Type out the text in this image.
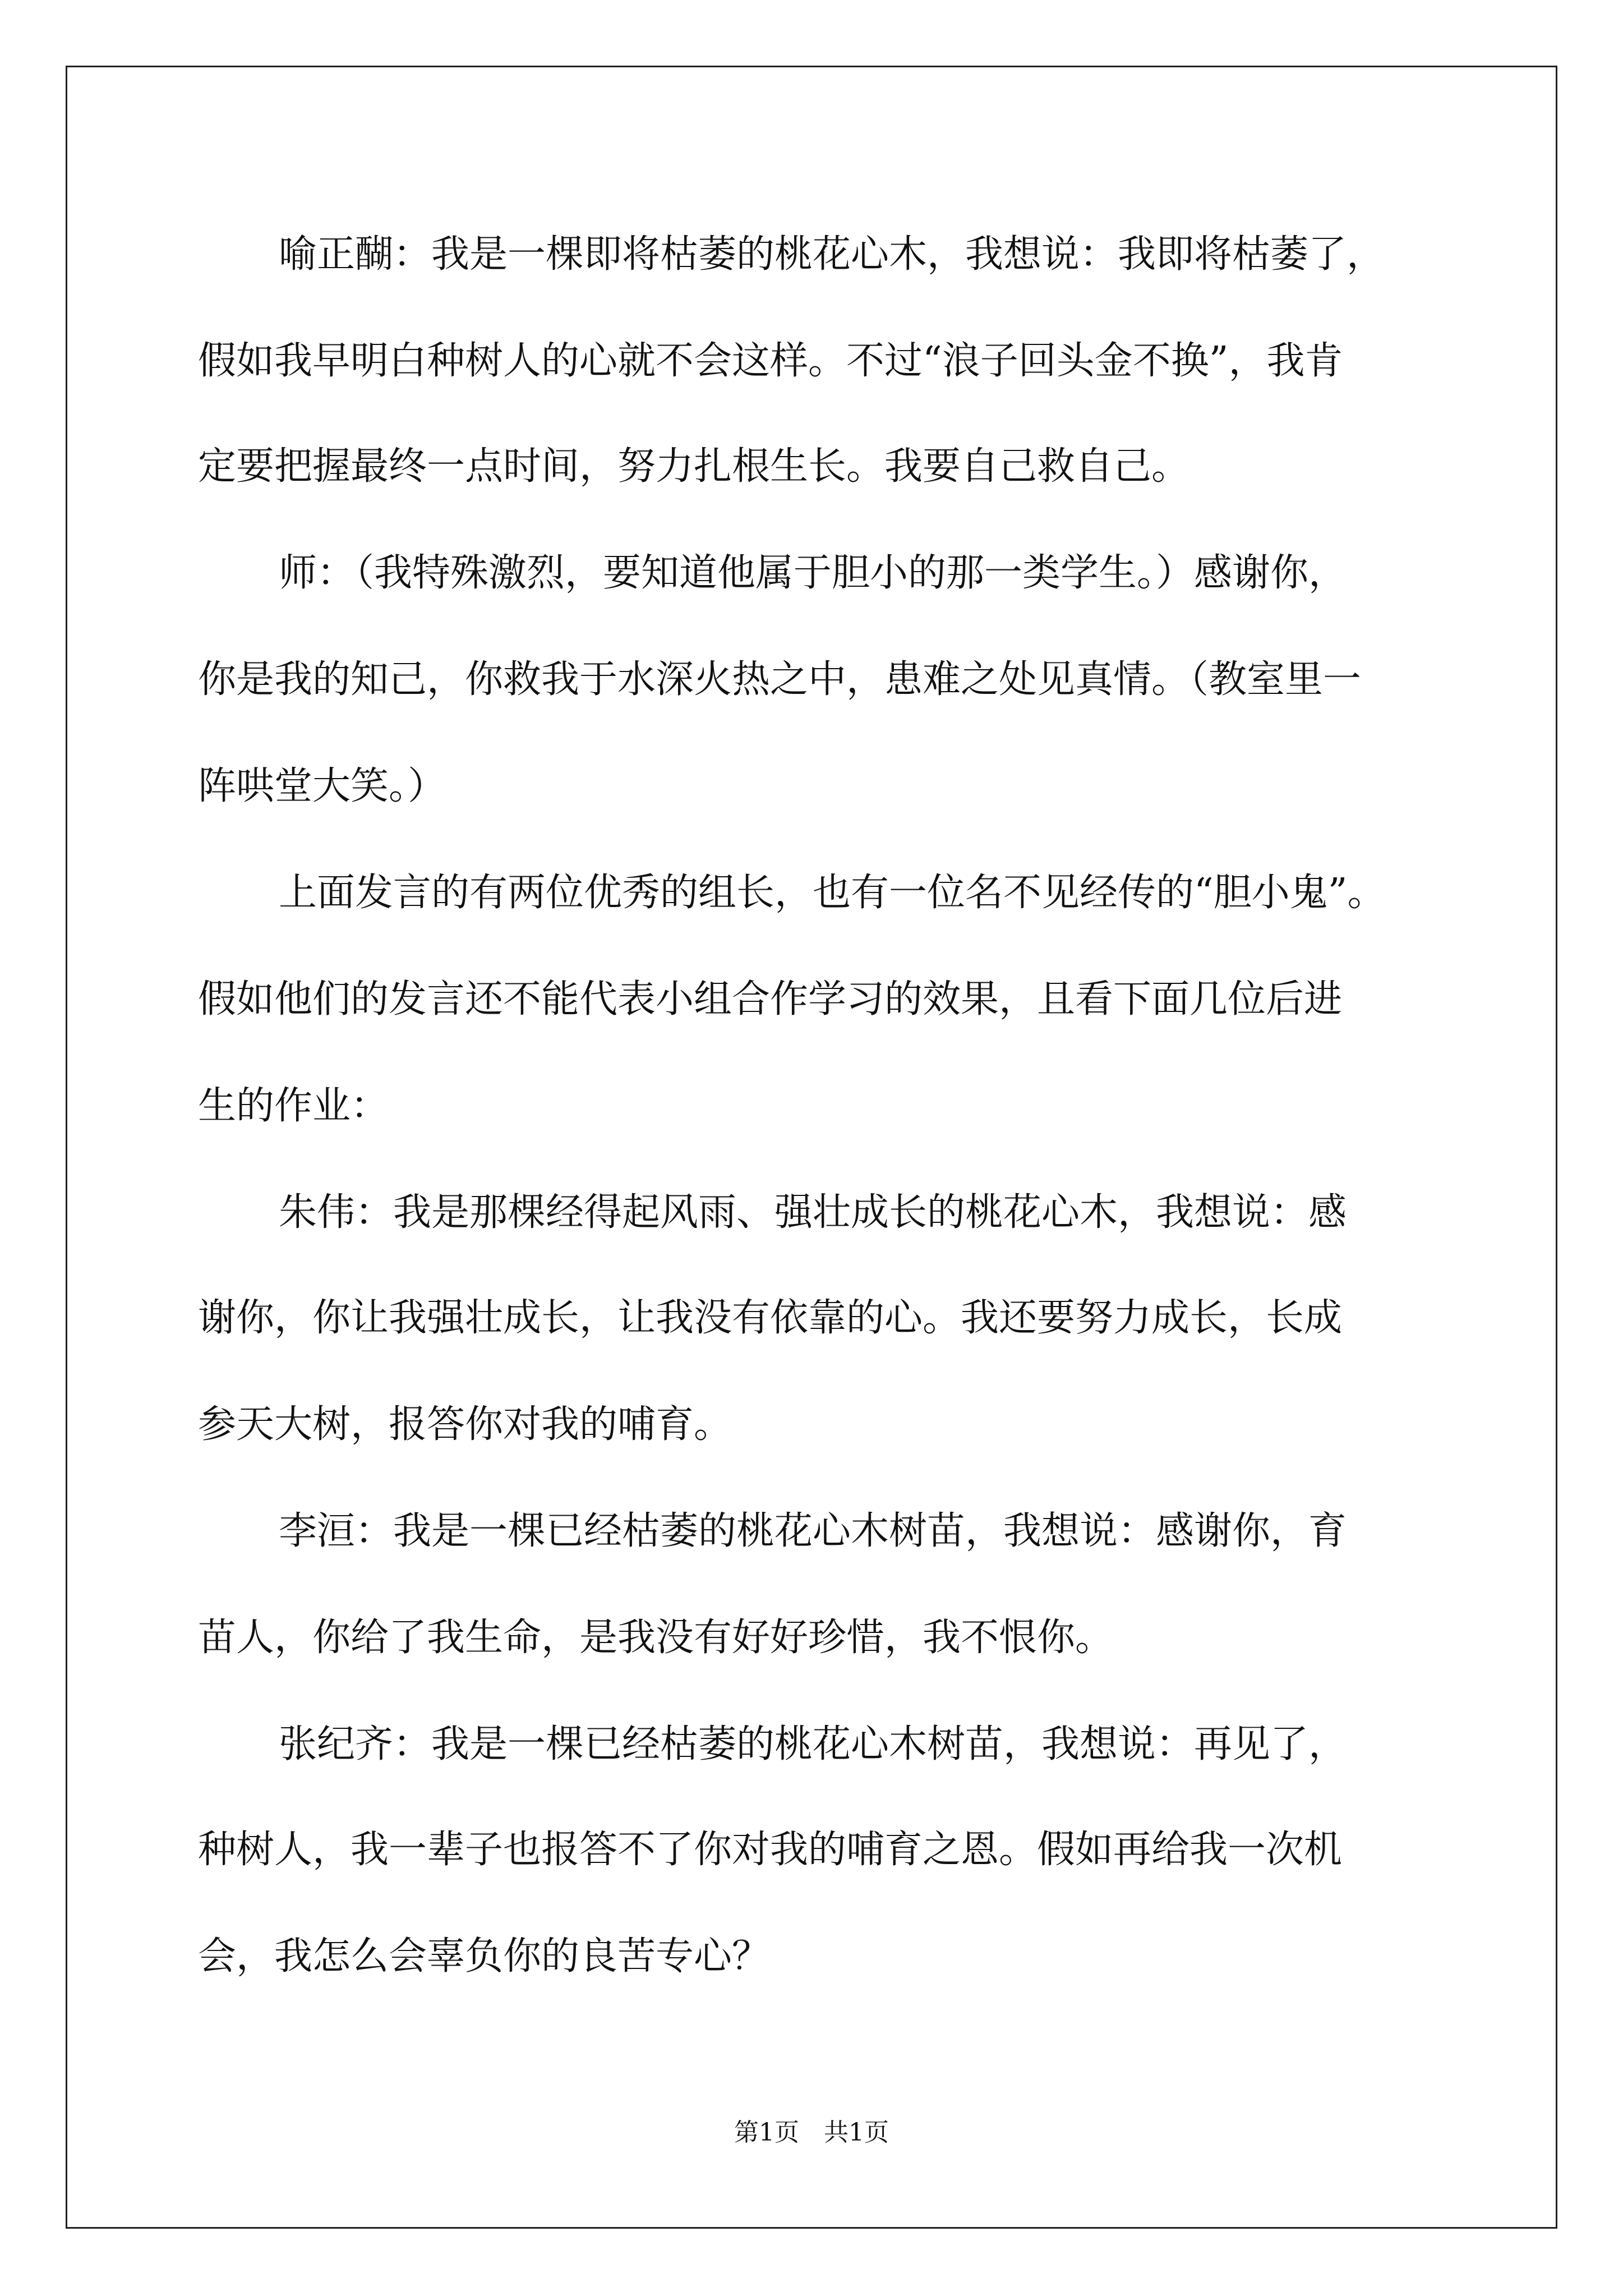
喻正醐：我是一棵即将枯萎的桃花心木，我想说：我即将枯萎了，
假如我早明白种树人的心就不会这样。不过“浪子回头金不换”，我肯
定要把握最终一点时间，努力扎根生长。我要自己救自己。
师：（我特殊激烈，要知道他属于胆小的那一类学生。）感谢你，
你是我的知己，你救我于水深火热之中，患难之处见真情。（教室里一
阵哄堂大笑。）
上面发言的有两位优秀的组长，也有一位名不见经传的“胆小鬼”。
假如他们的发言还不能代表小组合作学习的效果，且看下面几位后进
生的作业：
朱伟：我是那棵经得起风雨、强壮成长的桃花心木，我想说：感
谢你，你让我强壮成长，让我没有依靠的心。我还要努力成长，长成
参天大树，报答你对我的哺育。
李洹：我是一棵已经枯萎的桃花心木树苗，我想说：感谢你，育
苗人，你给了我生命，是我没有好好珍惜，我不恨你。
张纪齐：我是一棵已经枯萎的桃花心木树苗，我想说：再见了，
种树人，我一辈子也报答不了你对我的哺育之恩。假如再给我一次机
会，我怎么会辜负你的良苦专心？
第1页　共1页
